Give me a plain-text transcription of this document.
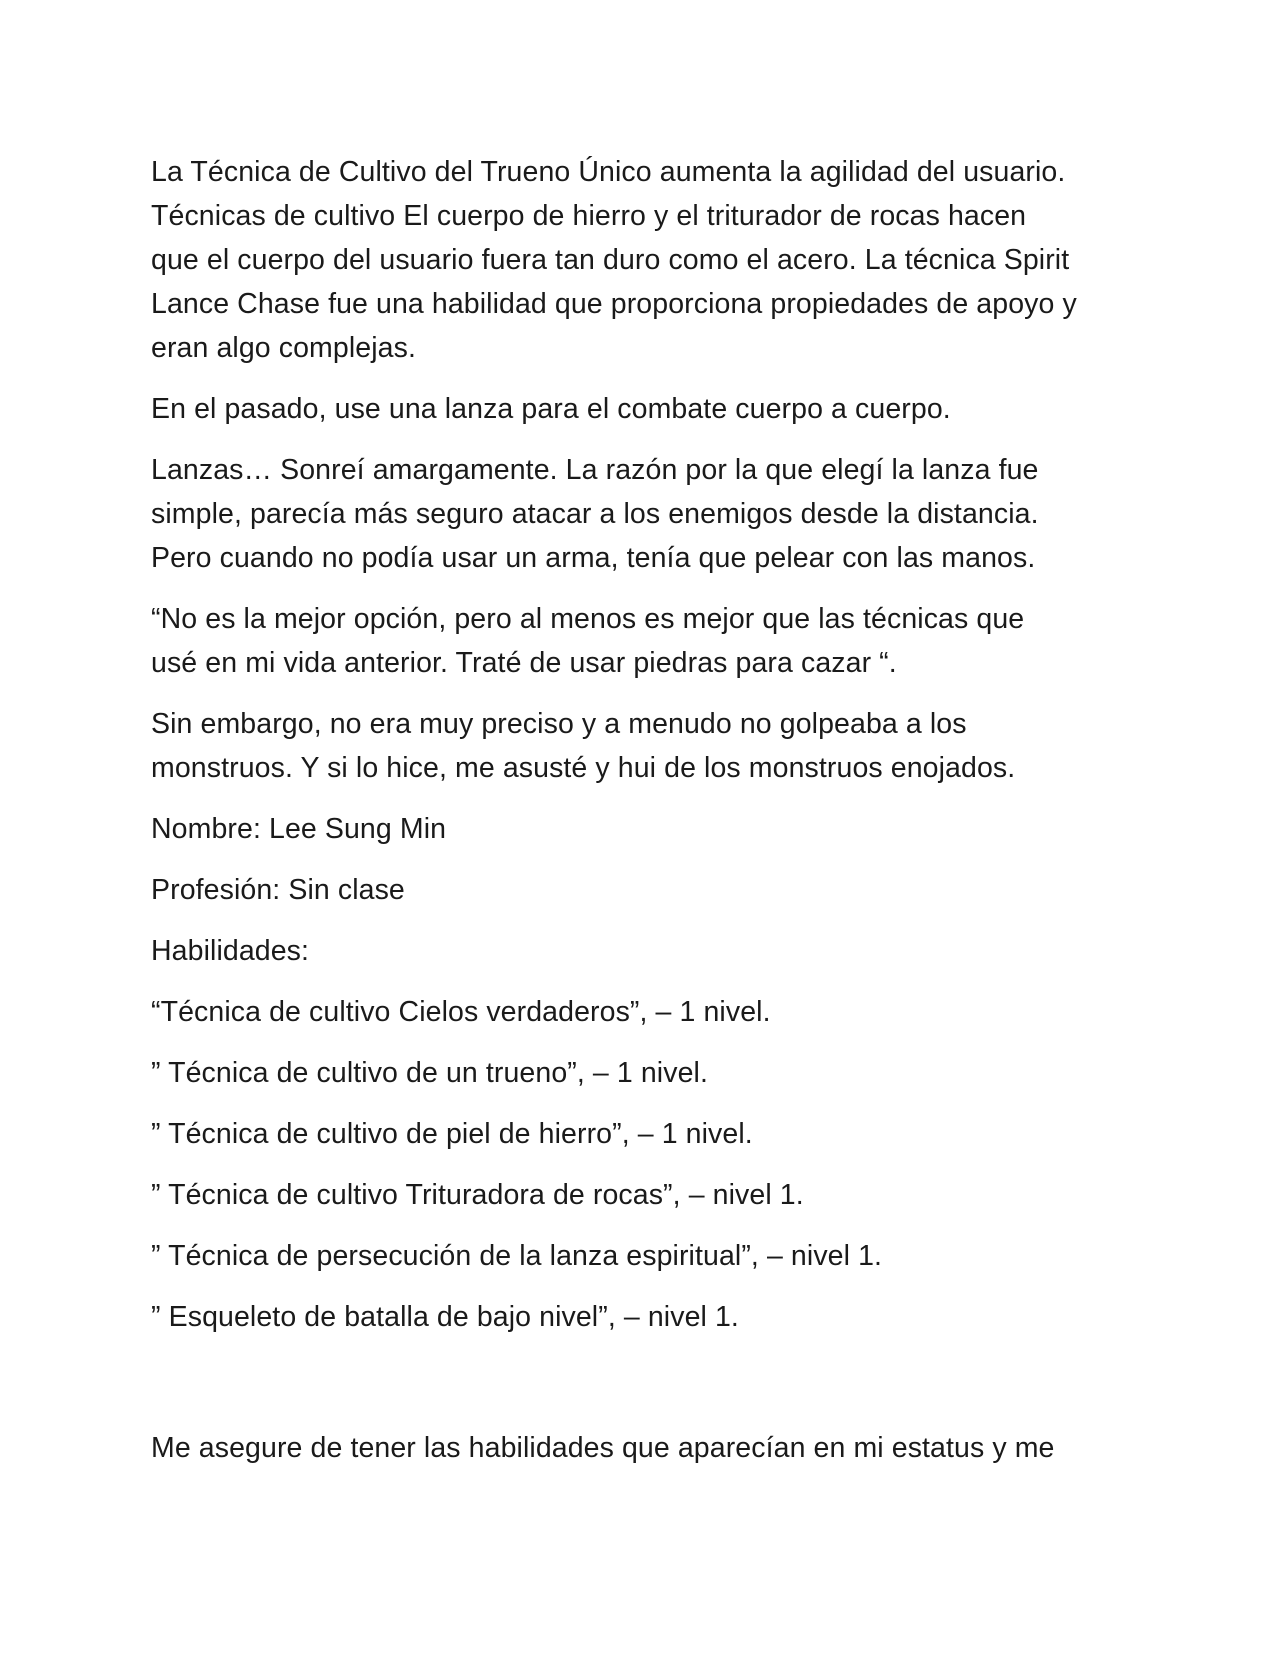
La Técnica de Cultivo del Trueno Único aumenta la agilidad del usuario.
Técnicas de cultivo El cuerpo de hierro y el triturador de rocas hacen
que el cuerpo del usuario fuera tan duro como el acero. La técnica Spirit
Lance Chase fue una habilidad que proporciona propiedades de apoyo y
eran algo complejas.
En el pasado, use una lanza para el combate cuerpo a cuerpo.
Lanzas… Sonreí amargamente. La razón por la que elegí la lanza fue
simple, parecía más seguro atacar a los enemigos desde la distancia.
Pero cuando no podía usar un arma, tenía que pelear con las manos.
“No es la mejor opción, pero al menos es mejor que las técnicas que
usé en mi vida anterior. Traté de usar piedras para cazar “.
Sin embargo, no era muy preciso y a menudo no golpeaba a los
monstruos. Y si lo hice, me asusté y hui de los monstruos enojados.
Nombre: Lee Sung Min
Profesión: Sin clase
Habilidades:
“Técnica de cultivo Cielos verdaderos”, – 1 nivel.
” Técnica de cultivo de un trueno”, – 1 nivel.
” Técnica de cultivo de piel de hierro”, – 1 nivel.
” Técnica de cultivo Trituradora de rocas”, – nivel 1.
” Técnica de persecución de la lanza espiritual”, – nivel 1.
” Esqueleto de batalla de bajo nivel”, – nivel 1.
Me asegure de tener las habilidades que aparecían en mi estatus y me
